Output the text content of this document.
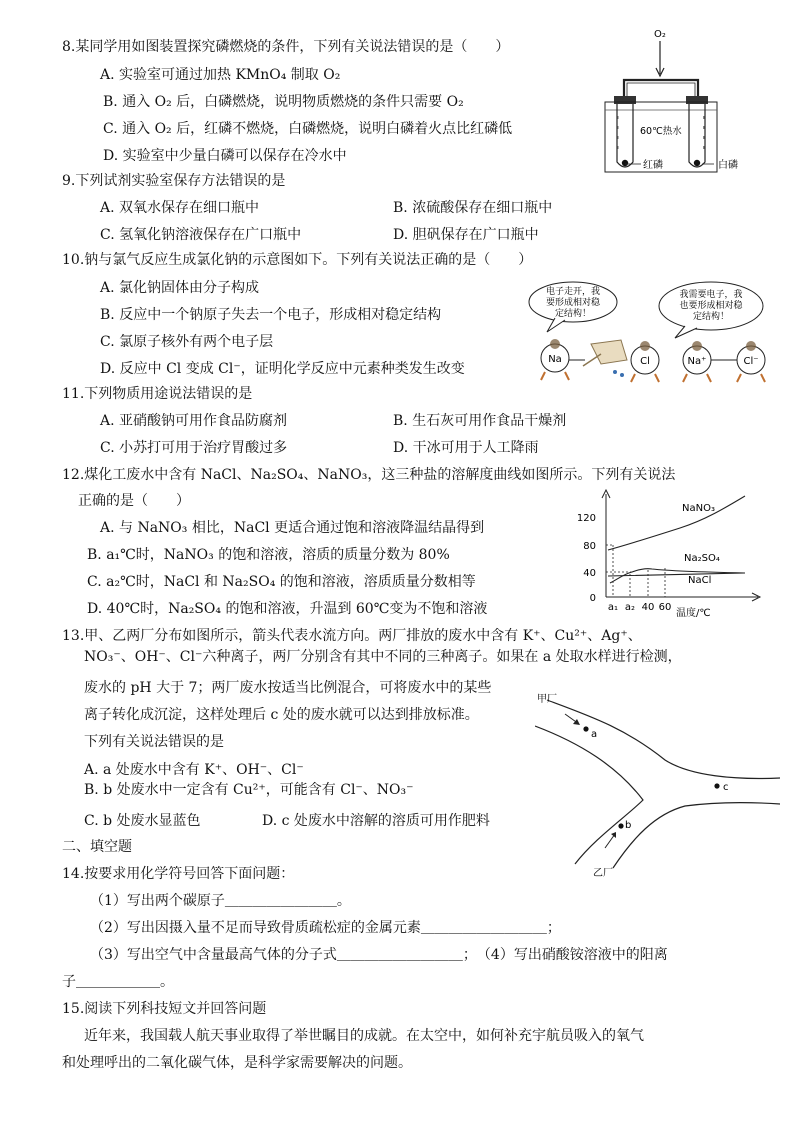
8.某同学用如图装置探究磷燃烧的条件，下列有关说法错误的是（　　）
A. 实验室可通过加热 KMnO₄ 制取 O₂
B. 通入 O₂ 后，白磷燃烧，说明物质燃烧的条件只需要 O₂
C. 通入 O₂ 后，红磷不燃烧，白磷燃烧，说明白磷着火点比红磷低
D. 实验室中少量白磷可以保存在冷水中
O₂
60℃热水
红磷	白磷
9.下列试剂实验室保存方法错误的是
A. 双氧水保存在细口瓶中	B. 浓硫酸保存在细口瓶中
C. 氢氧化钠溶液保存在广口瓶中	D. 胆矾保存在广口瓶中
10.钠与氯气反应生成氯化钠的示意图如下。下列有关说法正确的是（　　）
A. 氯化钠固体由分子构成
B. 反应中一个钠原子失去一个电子，形成相对稳定结构
C. 氯原子核外有两个电子层
D. 反应中 Cl 变成 Cl⁻，证明化学反应中元素种类发生改变
电子走开，我
要形成相对稳
定结构！
我需要电子，我
也要形成相对稳
定结构！
Na	Cl	Na⁺	Cl⁻
11.下列物质用途说法错误的是
A. 亚硝酸钠可用作食品防腐剂	B. 生石灰可用作食品干燥剂
C. 小苏打可用于治疗胃酸过多	D. 干冰可用于人工降雨
12.煤化工废水中含有 NaCl、Na₂SO₄、NaNO₃，这三种盐的溶解度曲线如图所示。下列有关说法
正确的是（　　）
A. 与 NaNO₃ 相比，NaCl 更适合通过饱和溶液降温结晶得到
B. a₁℃时，NaNO₃ 的饱和溶液，溶质的质量分数为 80%
C. a₂℃时，NaCl 和 Na₂SO₄ 的饱和溶液，溶质质量分数相等
D. 40℃时，Na₂SO₄ 的饱和溶液，升温到 60℃变为不饱和溶液
120
80
40
0
NaNO₃
Na₂SO₄
NaCl
a₁ a₂ 40 60
温度/℃
13.甲、乙两厂分布如图所示，箭头代表水流方向。两厂排放的废水中含有 K⁺、Cu²⁺、Ag⁺、
NO₃⁻、OH⁻、Cl⁻六种离子，两厂分别含有其中不同的三种离子。如果在 a 处取水样进行检测，
废水的 pH 大于 7；两厂废水按适当比例混合，可将废水中的某些
离子转化成沉淀，这样处理后 c 处的废水就可以达到排放标准。
下列有关说法错误的是
A. a 处废水中含有 K⁺、OH⁻、Cl⁻
B. b 处废水中一定含有 Cu²⁺，可能含有 Cl⁻、NO₃⁻
C. b 处废水显蓝色	D. c 处废水中溶解的溶质可用作肥料
甲厂
a
c
b
乙厂
二、填空题
14.按要求用化学符号回答下面问题：
（1）写出两个碳原子＿＿＿＿＿＿＿＿。
（2）写出因摄入量不足而导致骨质疏松症的金属元素＿＿＿＿＿＿＿＿＿；
（3）写出空气中含量最高气体的分子式＿＿＿＿＿＿＿＿＿；　（4）写出硝酸铵溶液中的阳离
子＿＿＿＿＿＿。
15.阅读下列科技短文并回答问题
近年来，我国载人航天事业取得了举世瞩目的成就。在太空中，如何补充宇航员吸入的氧气
和处理呼出的二氧化碳气体，是科学家需要解决的问题。
